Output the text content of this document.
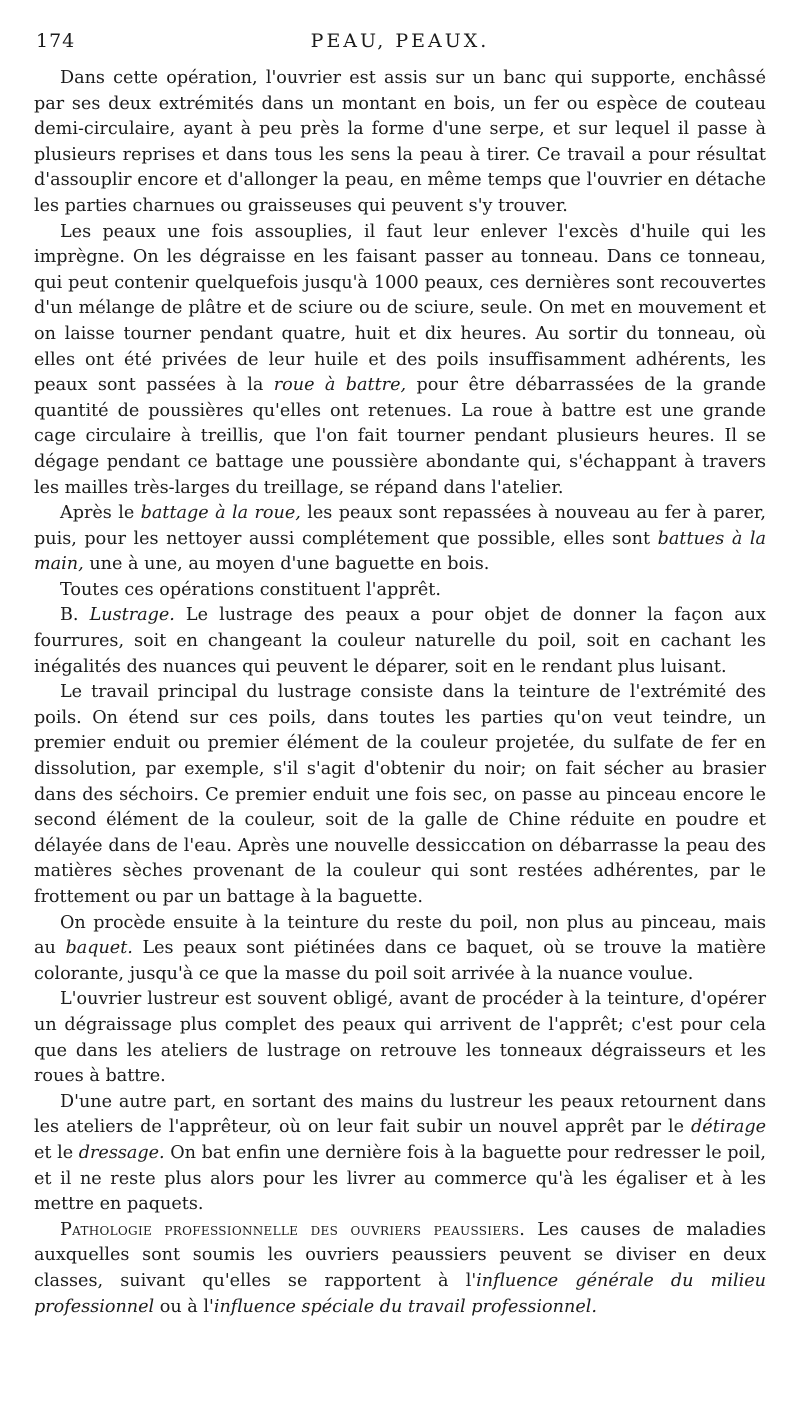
174	PEAU, PEAUX.

Dans cette opération, l'ouvrier est assis sur un banc qui supporte, enchâssé par ses deux extrémités dans un montant en bois, un fer ou espèce de couteau demi-circulaire, ayant à peu près la forme d'une serpe, et sur lequel il passe à plusieurs reprises et dans tous les sens la peau à tirer. Ce travail a pour résultat d'assouplir encore et d'allonger la peau, en même temps que l'ouvrier en détache les parties charnues ou graisseuses qui peuvent s'y trouver.

Les peaux une fois assouplies, il faut leur enlever l'excès d'huile qui les imprègne. On les dégraisse en les faisant passer au tonneau. Dans ce tonneau, qui peut contenir quelquefois jusqu'à 1000 peaux, ces dernières sont recouvertes d'un mélange de plâtre et de sciure ou de sciure, seule. On met en mouvement et on laisse tourner pendant quatre, huit et dix heures. Au sortir du tonneau, où elles ont été privées de leur huile et des poils insuffisamment adhérents, les peaux sont passées à la roue à battre, pour être débarrassées de la grande quantité de poussières qu'elles ont retenues. La roue à battre est une grande cage circulaire à treillis, que l'on fait tourner pendant plusieurs heures. Il se dégage pendant ce battage une poussière abondante qui, s'échappant à travers les mailles très-larges du treillage, se répand dans l'atelier.

Après le battage à la roue, les peaux sont repassées à nouveau au fer à parer, puis, pour les nettoyer aussi complétement que possible, elles sont battues à la main, une à une, au moyen d'une baguette en bois.

Toutes ces opérations constituent l'apprêt.

B. Lustrage. Le lustrage des peaux a pour objet de donner la façon aux fourrures, soit en changeant la couleur naturelle du poil, soit en cachant les inégalités des nuances qui peuvent le déparer, soit en le rendant plus luisant.

Le travail principal du lustrage consiste dans la teinture de l'extrémité des poils. On étend sur ces poils, dans toutes les parties qu'on veut teindre, un premier enduit ou premier élément de la couleur projetée, du sulfate de fer en dissolution, par exemple, s'il s'agit d'obtenir du noir; on fait sécher au brasier dans des séchoirs. Ce premier enduit une fois sec, on passe au pinceau encore le second élément de la couleur, soit de la galle de Chine réduite en poudre et délayée dans de l'eau. Après une nouvelle dessiccation on débarrasse la peau des matières sèches provenant de la couleur qui sont restées adhérentes, par le frottement ou par un battage à la baguette.

On procède ensuite à la teinture du reste du poil, non plus au pinceau, mais au baquet. Les peaux sont piétinées dans ce baquet, où se trouve la matière colorante, jusqu'à ce que la masse du poil soit arrivée à la nuance voulue.

L'ouvrier lustreur est souvent obligé, avant de procéder à la teinture, d'opérer un dégraissage plus complet des peaux qui arrivent de l'apprêt; c'est pour cela que dans les ateliers de lustrage on retrouve les tonneaux dégraisseurs et les roues à battre.

D'une autre part, en sortant des mains du lustreur les peaux retournent dans les ateliers de l'apprêteur, où on leur fait subir un nouvel apprêt par le détirage et le dressage. On bat enfin une dernière fois à la baguette pour redresser le poil, et il ne reste plus alors pour les livrer au commerce qu'à les égaliser et à les mettre en paquets.

Pathologie professionnelle des ouvriers peaussiers. Les causes de maladies auxquelles sont soumis les ouvriers peaussiers peuvent se diviser en deux classes, suivant qu'elles se rapportent à l'influence générale du milieu professionnel ou à l'influence spéciale du travail professionnel.
